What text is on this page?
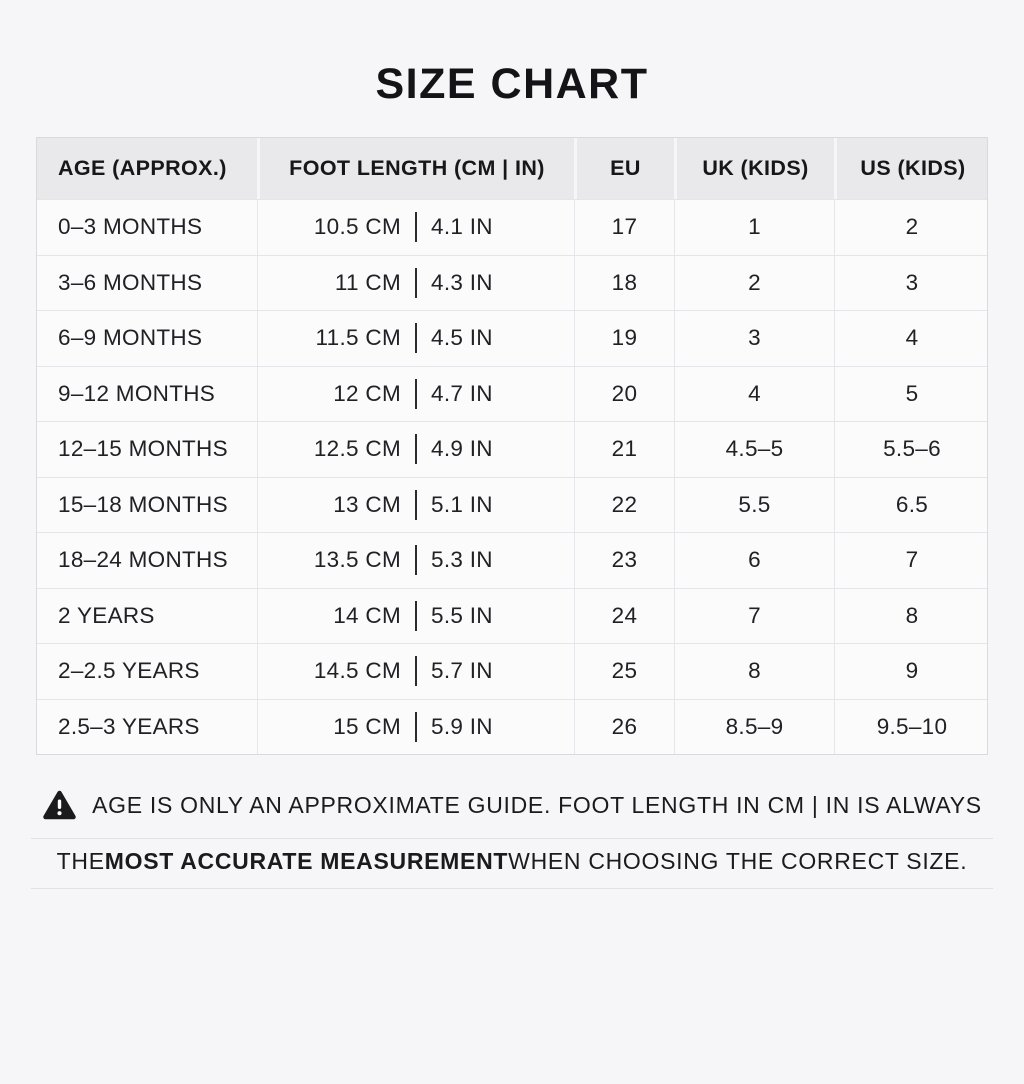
SIZE CHART
AGE (APPROX.)	FOOT LENGTH (CM | IN)	EU	UK (KIDS)	US (KIDS)
0–3 MONTHS	10.5 CM	4.1 IN	17	1	2
3–6 MONTHS	11 CM	4.3 IN	18	2	3
6–9 MONTHS	11.5 CM	4.5 IN	19	3	4
9–12 MONTHS	12 CM	4.7 IN	20	4	5
12–15 MONTHS	12.5 CM	4.9 IN	21	4.5–5	5.5–6
15–18 MONTHS	13 CM	5.1 IN	22	5.5	6.5
18–24 MONTHS	13.5 CM	5.3 IN	23	6	7
2 YEARS	14 CM	5.5 IN	24	7	8
2–2.5 YEARS	14.5 CM	5.7 IN	25	8	9
2.5–3 YEARS	15 CM	5.9 IN	26	8.5–9	9.5–10
AGE IS ONLY AN APPROXIMATE GUIDE. FOOT LENGTH IN CM | IN IS ALWAYS
THE MOST ACCURATE MEASUREMENT WHEN CHOOSING THE CORRECT SIZE.
